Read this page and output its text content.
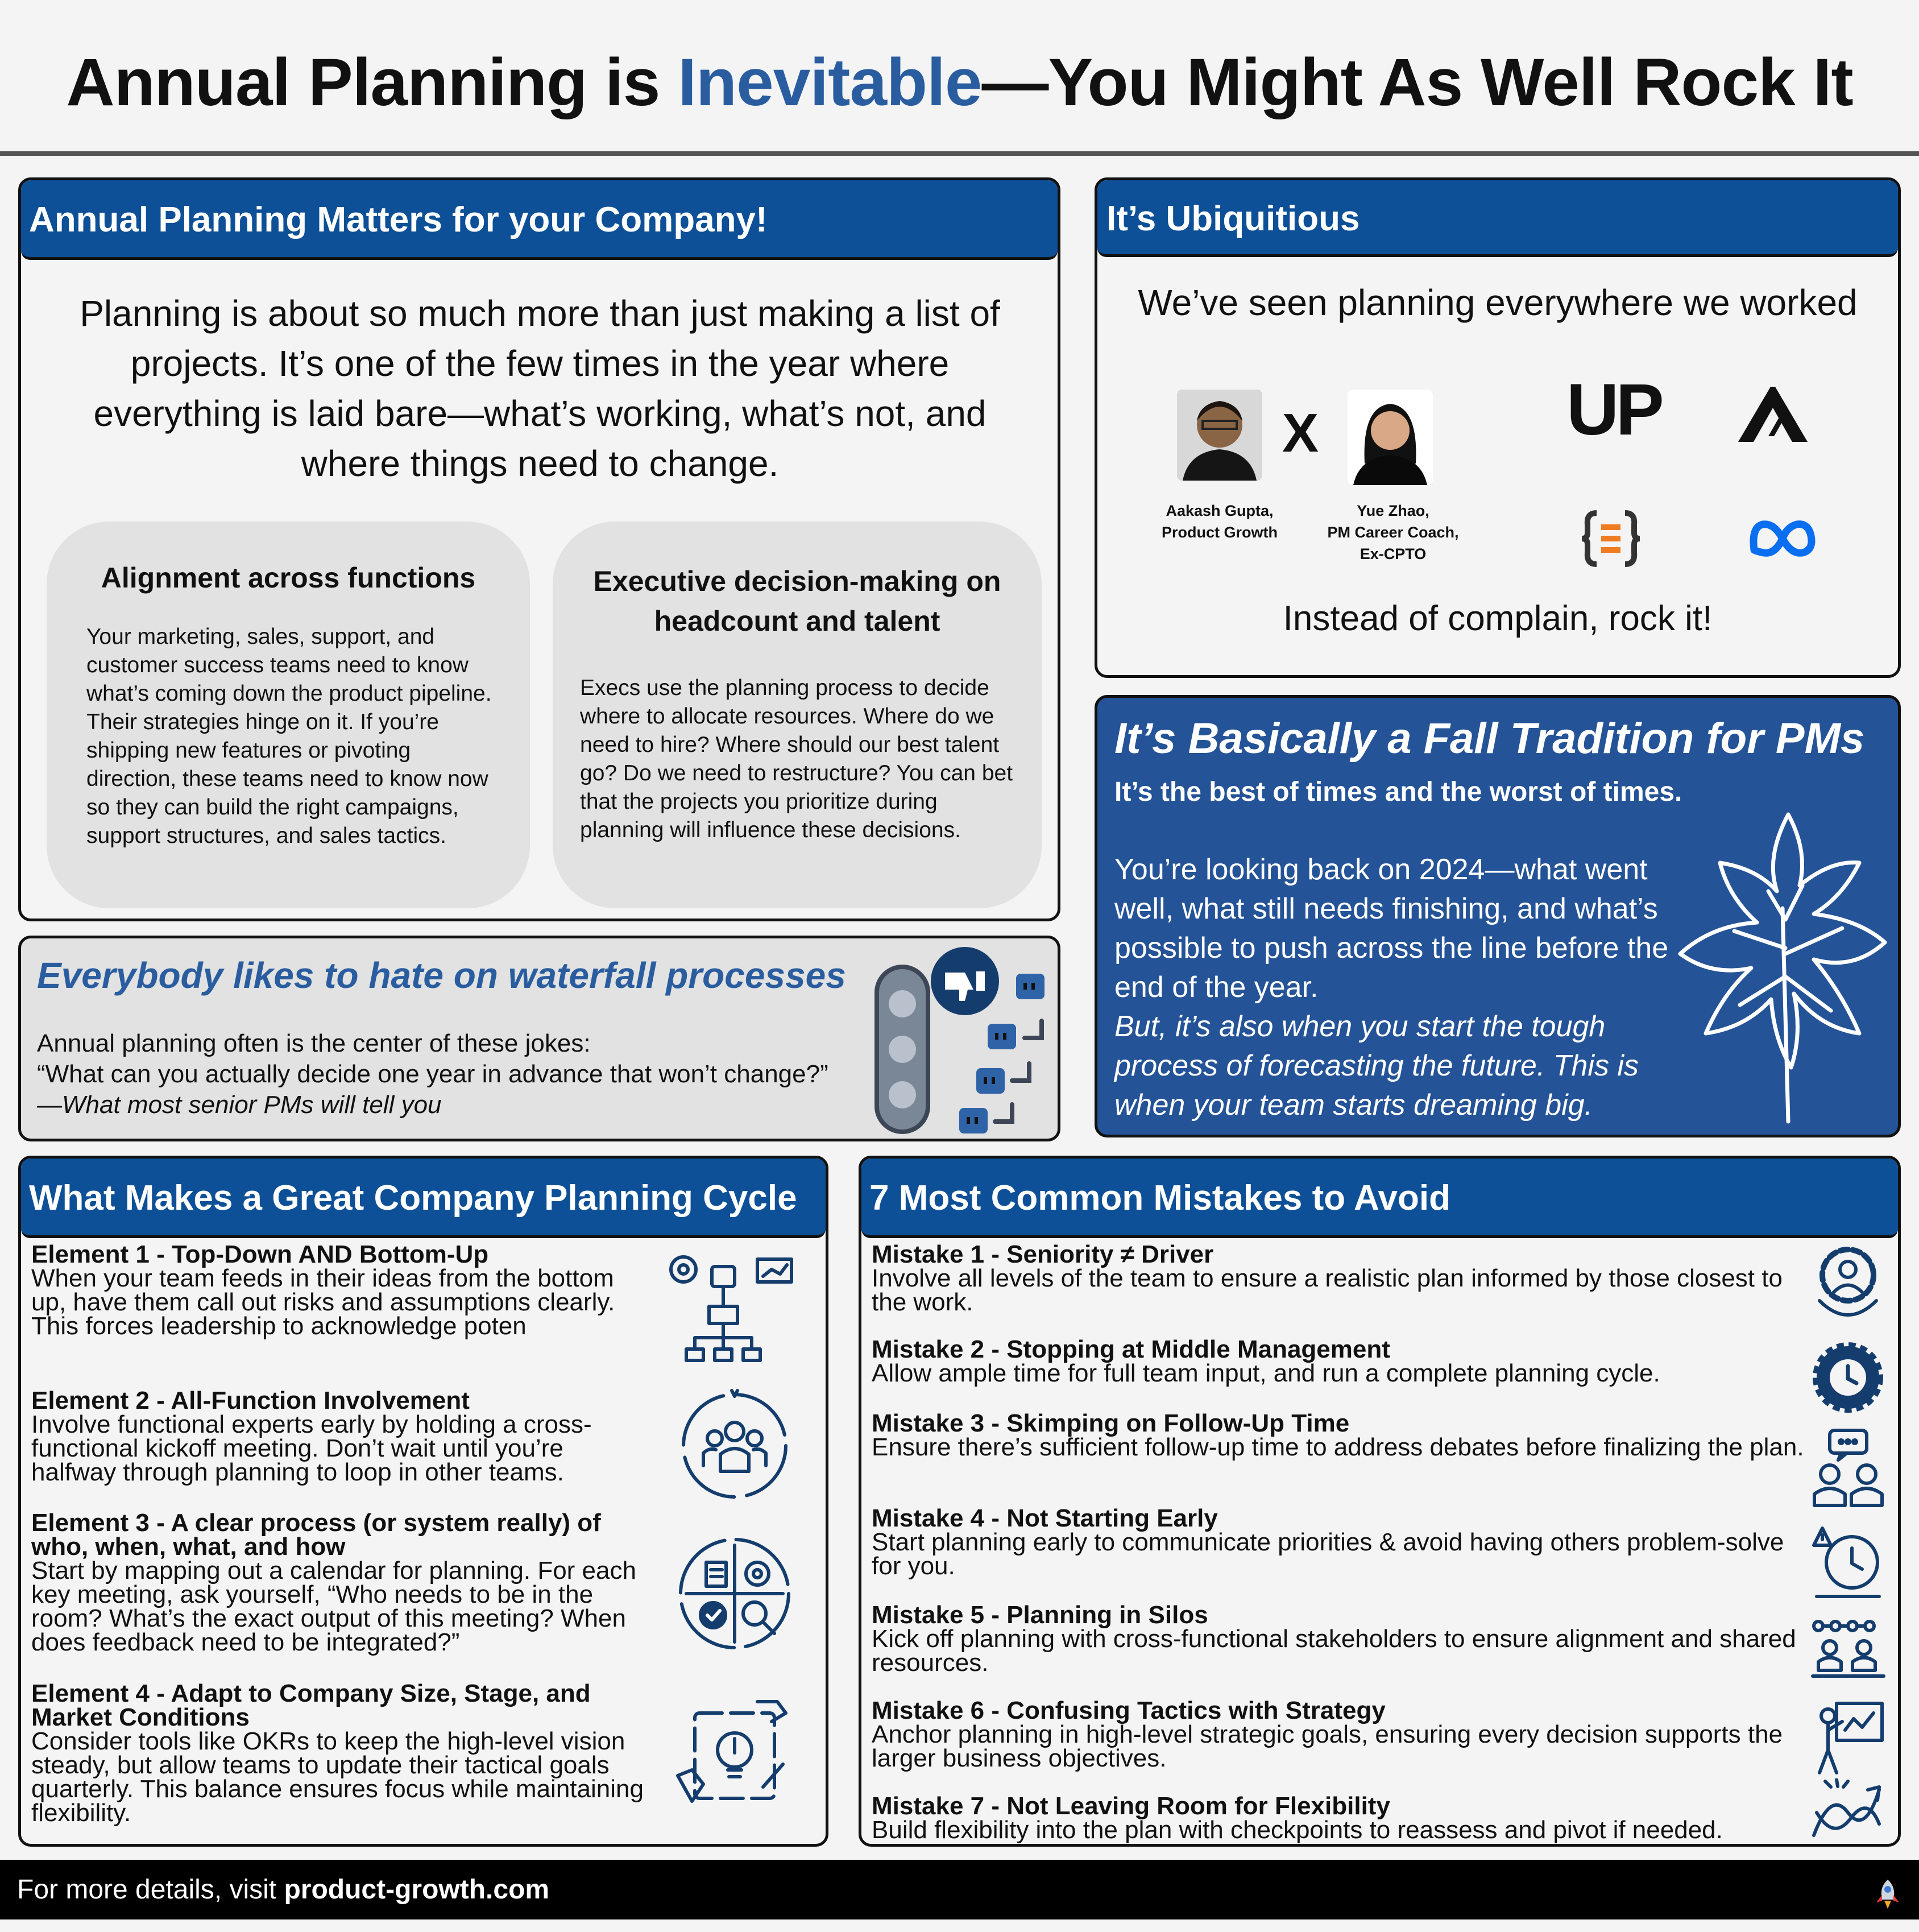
Annual Planning is Inevitable—You Might As Well Rock It
Annual Planning Matters for your Company!
Planning is about so much more than just making a list of projects. It’s one of the few times in the year where everything is laid bare—what’s working, what’s not, and where things need to change.
Alignment across functions
Your marketing, sales, support, and customer success teams need to know what’s coming down the product pipeline. Their strategies hinge on it. If you’re shipping new features or pivoting direction, these teams need to know now so they can build the right campaigns, support structures, and sales tactics.
Executive decision-making on headcount and talent
Execs use the planning process to decide where to allocate resources. Where do we need to hire? Where should our best talent go? Do we need to restructure? You can bet that the projects you prioritize during planning will influence these decisions.
It’s Ubiquitious
We’ve seen planning everywhere we worked
X
Aakash Gupta,
Product Growth
Yue Zhao,
PM Career Coach,
Ex-CPTO
UP
Instead of complain, rock it!
Everybody likes to hate on waterfall processes
Annual planning often is the center of these jokes:
“What can you actually decide one year in advance that won’t change?”
—What most senior PMs will tell you
It’s Basically a Fall Tradition for PMs
It’s the best of times and the worst of times.
You’re looking back on 2024—what went well, what still needs finishing, and what’s possible to push across the line before the end of the year.
But, it’s also when you start the tough process of forecasting the future. This is when your team starts dreaming big.
What Makes a Great Company Planning Cycle
Element 1 - Top-Down AND Bottom-Up
When your team feeds in their ideas from the bottom up, have them call out risks and assumptions clearly. This forces leadership to acknowledge poten
Element 2 - All-Function Involvement
Involve functional experts early by holding a cross-functional kickoff meeting. Don’t wait until you’re halfway through planning to loop in other teams.
Element 3 - A clear process (or system really) of who, when, what, and how
Start by mapping out a calendar for planning. For each key meeting, ask yourself, “Who needs to be in the room? What’s the exact output of this meeting? When does feedback need to be integrated?”
Element 4 - Adapt to Company Size, Stage, and Market Conditions
Consider tools like OKRs to keep the high-level vision steady, but allow teams to update their tactical goals quarterly. This balance ensures focus while maintaining flexibility.
7 Most Common Mistakes to Avoid
Mistake 1 - Seniority ≠ Driver
Involve all levels of the team to ensure a realistic plan informed by those closest to the work.
Mistake 2 - Stopping at Middle Management
Allow ample time for full team input, and run a complete planning cycle.
Mistake 3 - Skimping on Follow-Up Time
Ensure there’s sufficient follow-up time to address debates before finalizing the plan.
Mistake 4 - Not Starting Early
Start planning early to communicate priorities & avoid having others problem-solve for you.
Mistake 5 - Planning in Silos
Kick off planning with cross-functional stakeholders to ensure alignment and shared resources.
Mistake 6 - Confusing Tactics with Strategy
Anchor planning in high-level strategic goals, ensuring every decision supports the larger business objectives.
Mistake 7 - Not Leaving Room for Flexibility
Build flexibility into the plan with checkpoints to reassess and pivot if needed.
For more details, visit product-growth.com
